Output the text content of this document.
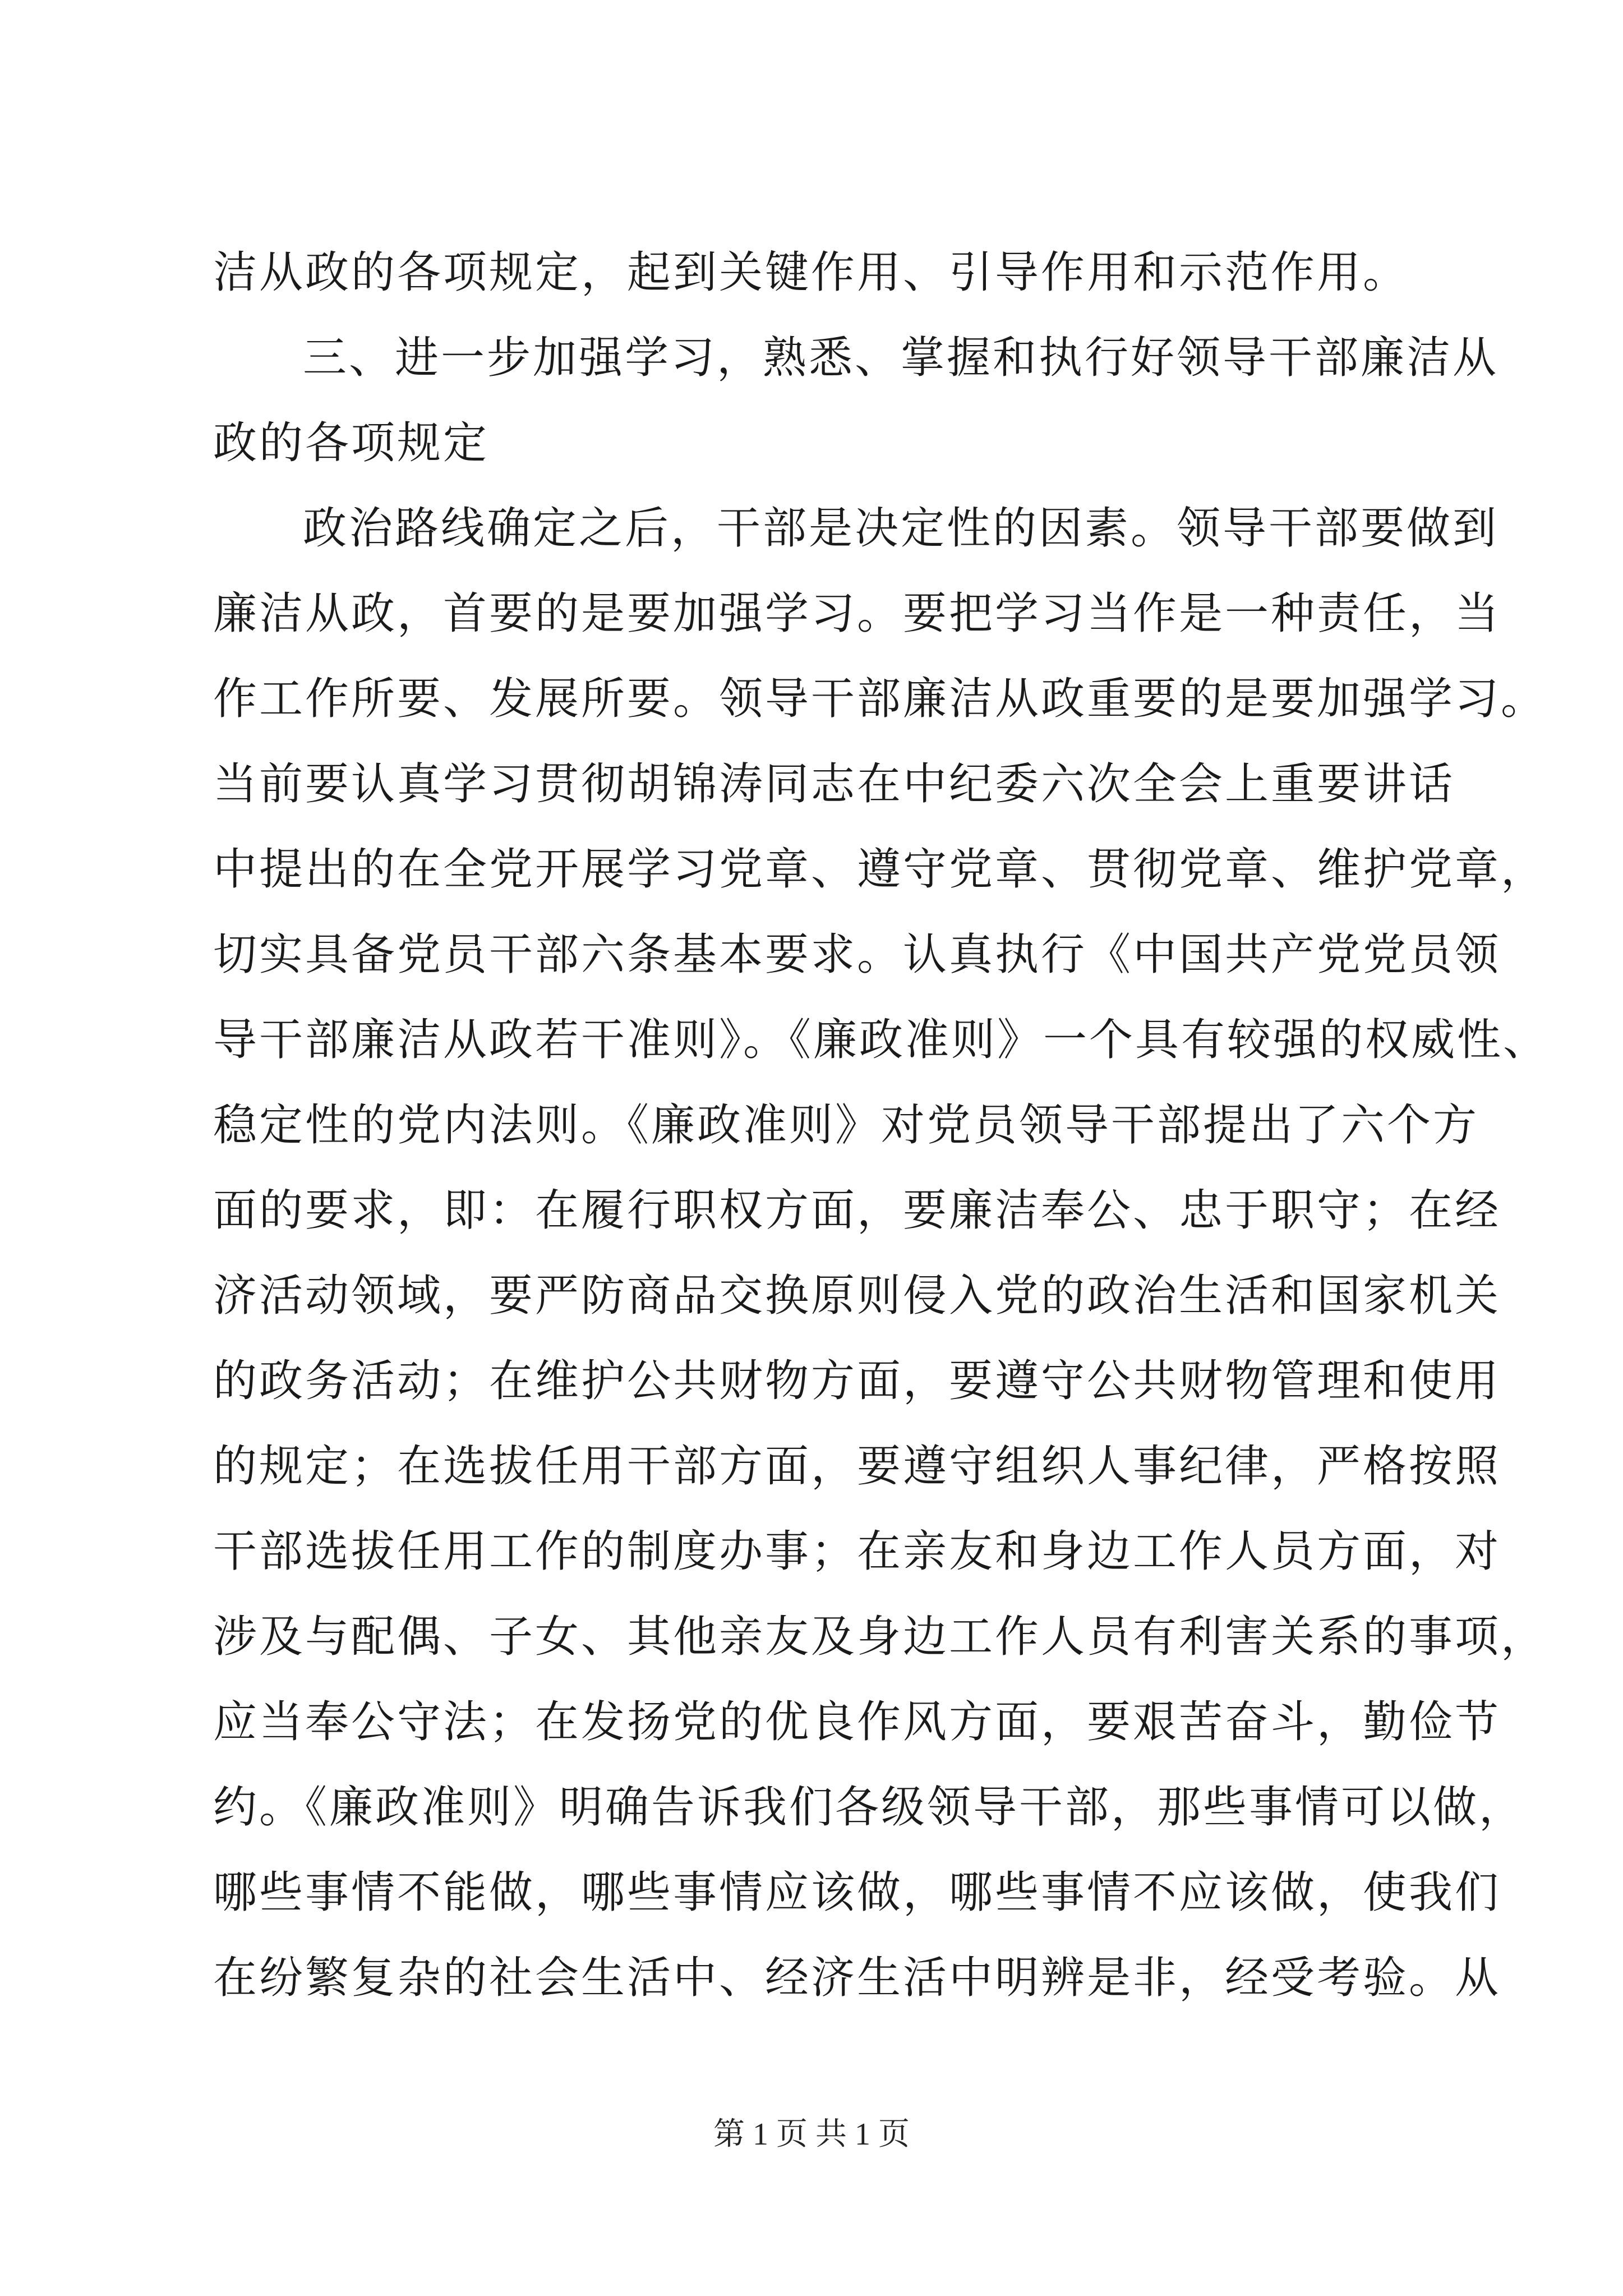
洁从政的各项规定，起到关键作用、引导作用和示范作用。
三、进一步加强学习，熟悉、掌握和执行好领导干部廉洁从
政的各项规定
政治路线确定之后，干部是决定性的因素。领导干部要做到
廉洁从政，首要的是要加强学习。要把学习当作是一种责任，当
作工作所要、发展所要。领导干部廉洁从政重要的是要加强学习。
当前要认真学习贯彻胡锦涛同志在中纪委六次全会上重要讲话
中提出的在全党开展学习党章、遵守党章、贯彻党章、维护党章，
切实具备党员干部六条基本要求。认真执行《中国共产党党员领
导干部廉洁从政若干准则》。《廉政准则》一个具有较强的权威性、
稳定性的党内法则。《廉政准则》对党员领导干部提出了六个方
面的要求，即：在履行职权方面，要廉洁奉公、忠于职守；在经
济活动领域，要严防商品交换原则侵入党的政治生活和国家机关
的政务活动；在维护公共财物方面，要遵守公共财物管理和使用
的规定；在选拔任用干部方面，要遵守组织人事纪律，严格按照
干部选拔任用工作的制度办事；在亲友和身边工作人员方面，对
涉及与配偶、子女、其他亲友及身边工作人员有利害关系的事项，
应当奉公守法；在发扬党的优良作风方面，要艰苦奋斗，勤俭节
约。《廉政准则》明确告诉我们各级领导干部，那些事情可以做，
哪些事情不能做，哪些事情应该做，哪些事情不应该做，使我们
在纷繁复杂的社会生活中、经济生活中明辨是非，经受考验。从
第 1 页 共 1 页
